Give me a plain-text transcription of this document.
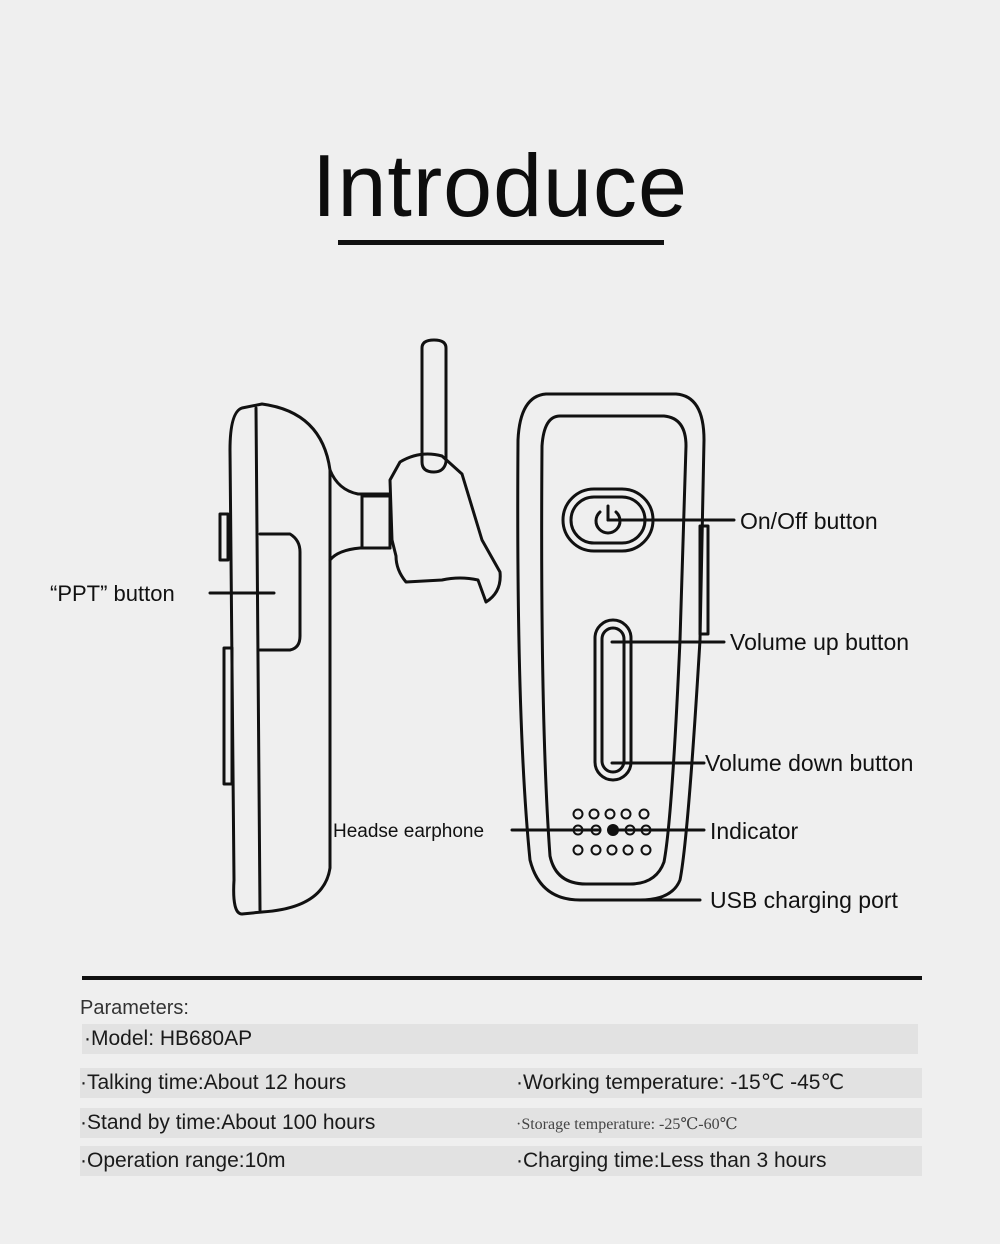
Introduce
“PPT” button
On/Off button
Volume up button
Volume down button
Headse earphone	Indicator
USB charging port
Parameters:
·Model: HB680AP
·Talking time:About 12 hours	·Working temperature: -15℃ -45℃
·Stand by time:About 100 hours	·Storage temperature: -25℃-60℃
·Operation range:10m	·Charging time:Less than 3 hours
